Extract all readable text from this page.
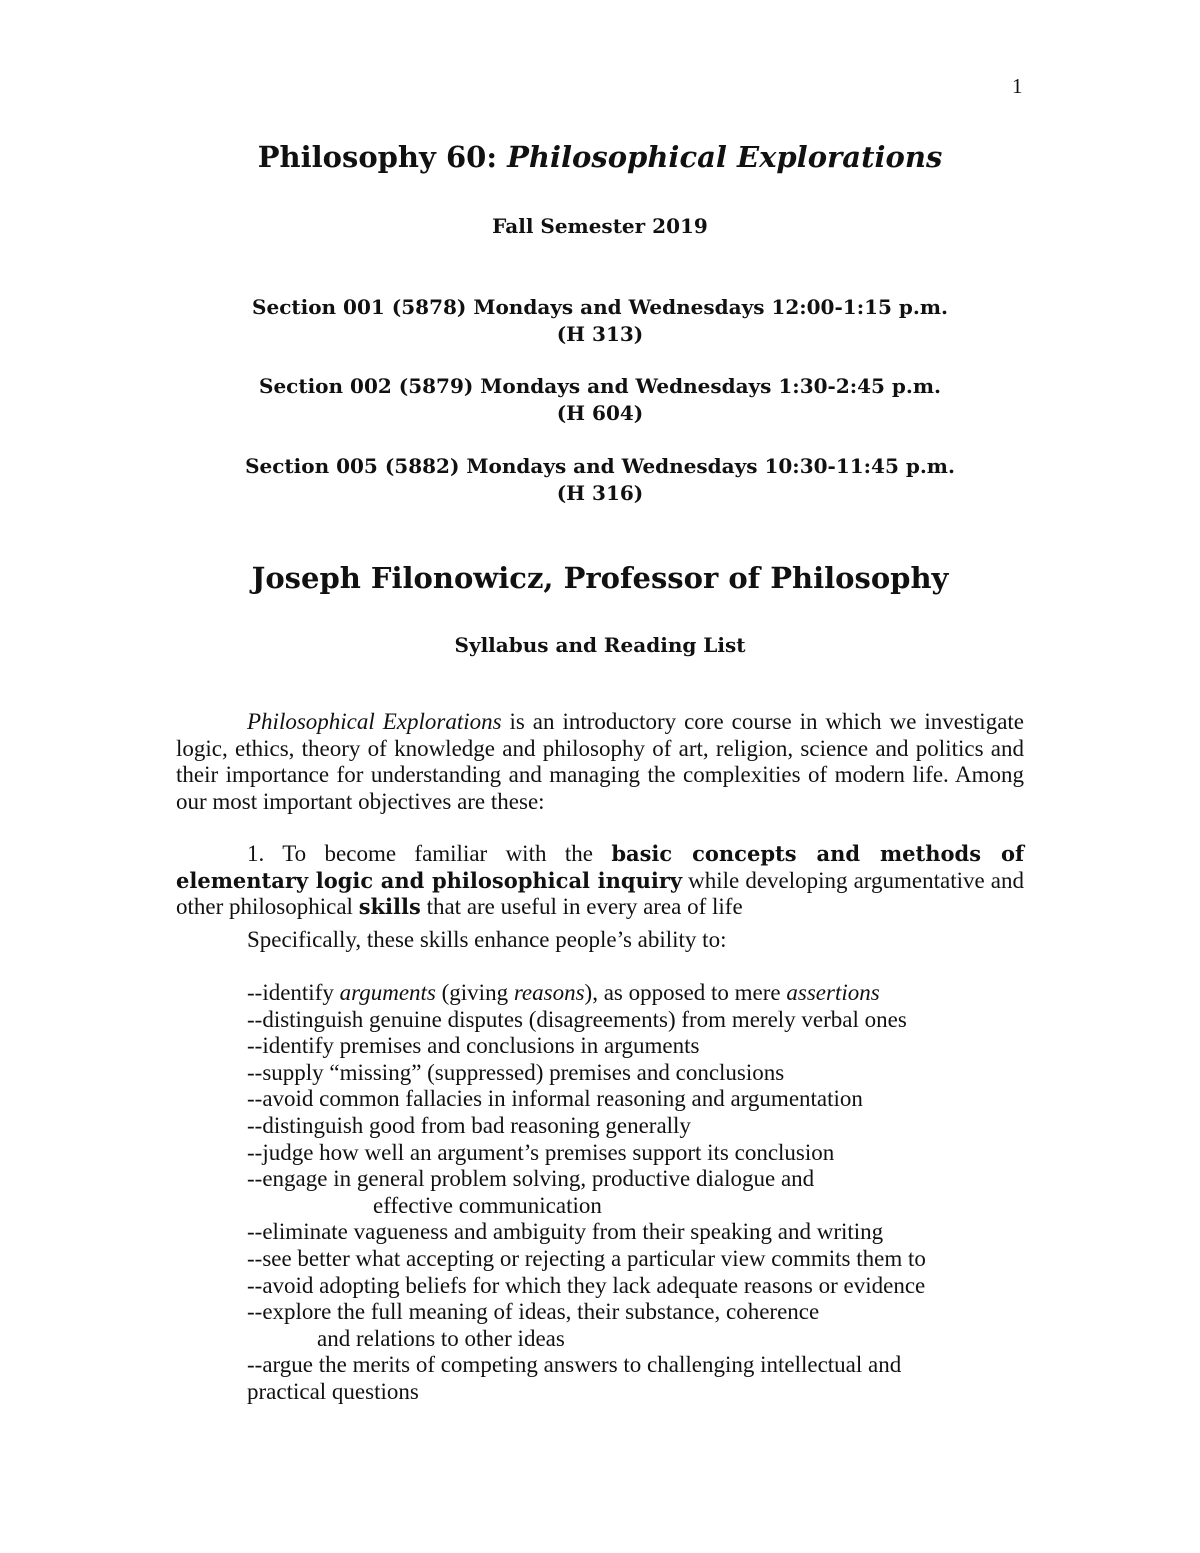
1
Philosophy 60: Philosophical Explorations
Fall Semester 2019
Section 001 (5878) Mondays and Wednesdays 12:00-1:15 p.m.
(H 313)
Section 002 (5879) Mondays and Wednesdays 1:30-2:45 p.m.
(H 604)
Section 005 (5882) Mondays and Wednesdays 10:30-11:45 p.m.
(H 316)
Joseph Filonowicz, Professor of Philosophy
Syllabus and Reading List

Philosophical Explorations is an introductory core course in which we investigate logic, ethics, theory of knowledge and philosophy of art, religion, science and politics and their importance for understanding and managing the complexities of modern life. Among our most important objectives are these:

1. To become familiar with the basic concepts and methods of elementary logic and philosophical inquiry while developing argumentative and other philosophical skills that are useful in every area of life

Specifically, these skills enhance people’s ability to:
--identify arguments (giving reasons), as opposed to mere assertions
--distinguish genuine disputes (disagreements) from merely verbal ones
--identify premises and conclusions in arguments
--supply “missing” (suppressed) premises and conclusions
--avoid common fallacies in informal reasoning and argumentation
--distinguish good from bad reasoning generally
--judge how well an argument’s premises support its conclusion
--engage in general problem solving, productive dialogue and
effective communication
--eliminate vagueness and ambiguity from their speaking and writing
--see better what accepting or rejecting a particular view commits them to
--avoid adopting beliefs for which they lack adequate reasons or evidence
--explore the full meaning of ideas, their substance, coherence
and relations to other ideas
--argue the merits of competing answers to challenging intellectual and
practical questions
